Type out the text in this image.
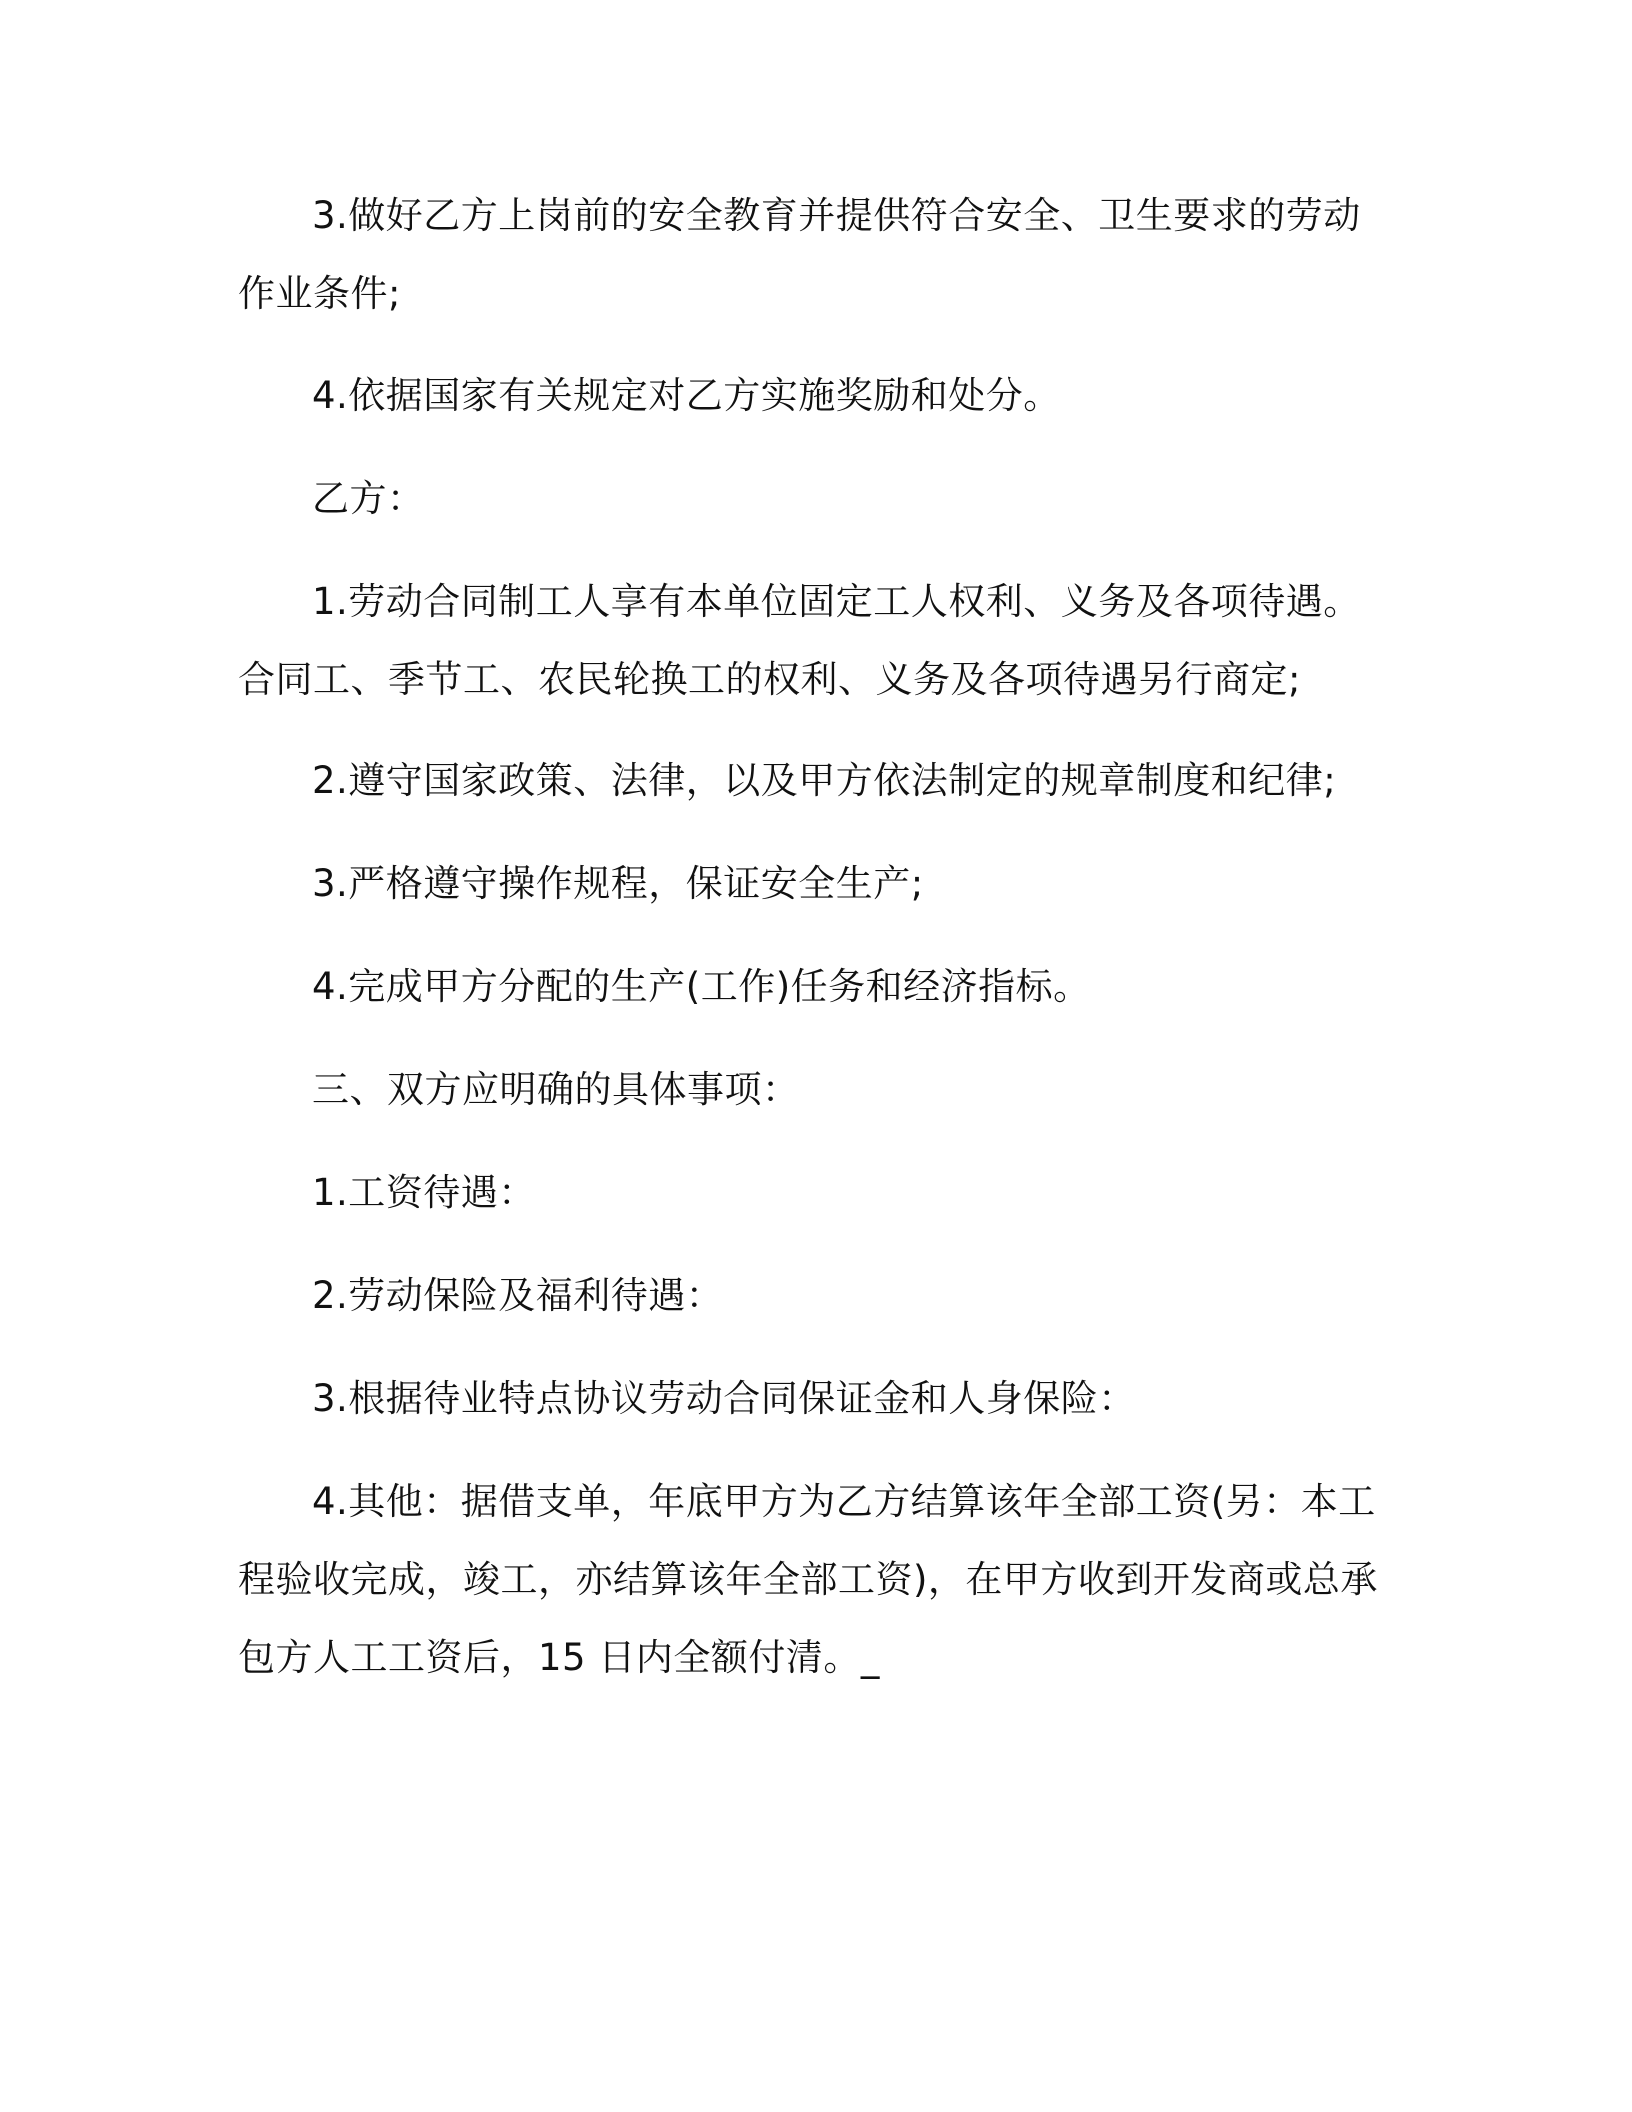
3.做好乙方上岗前的安全教育并提供符合安全、卫生要求的劳动
作业条件;
4.依据国家有关规定对乙方实施奖励和处分。
乙方：
1.劳动合同制工人享有本单位固定工人权利、义务及各项待遇。
合同工、季节工、农民轮换工的权利、义务及各项待遇另行商定;
2.遵守国家政策、法律，以及甲方依法制定的规章制度和纪律;
3.严格遵守操作规程，保证安全生产;
4.完成甲方分配的生产(工作)任务和经济指标。
三、双方应明确的具体事项：
1.工资待遇：
2.劳动保险及福利待遇：
3.根据待业特点协议劳动合同保证金和人身保险：
4.其他：据借支单，年底甲方为乙方结算该年全部工资(另：本工
程验收完成，竣工，亦结算该年全部工资)，在甲方收到开发商或总承
包方人工工资后，15 日内全额付清。_
